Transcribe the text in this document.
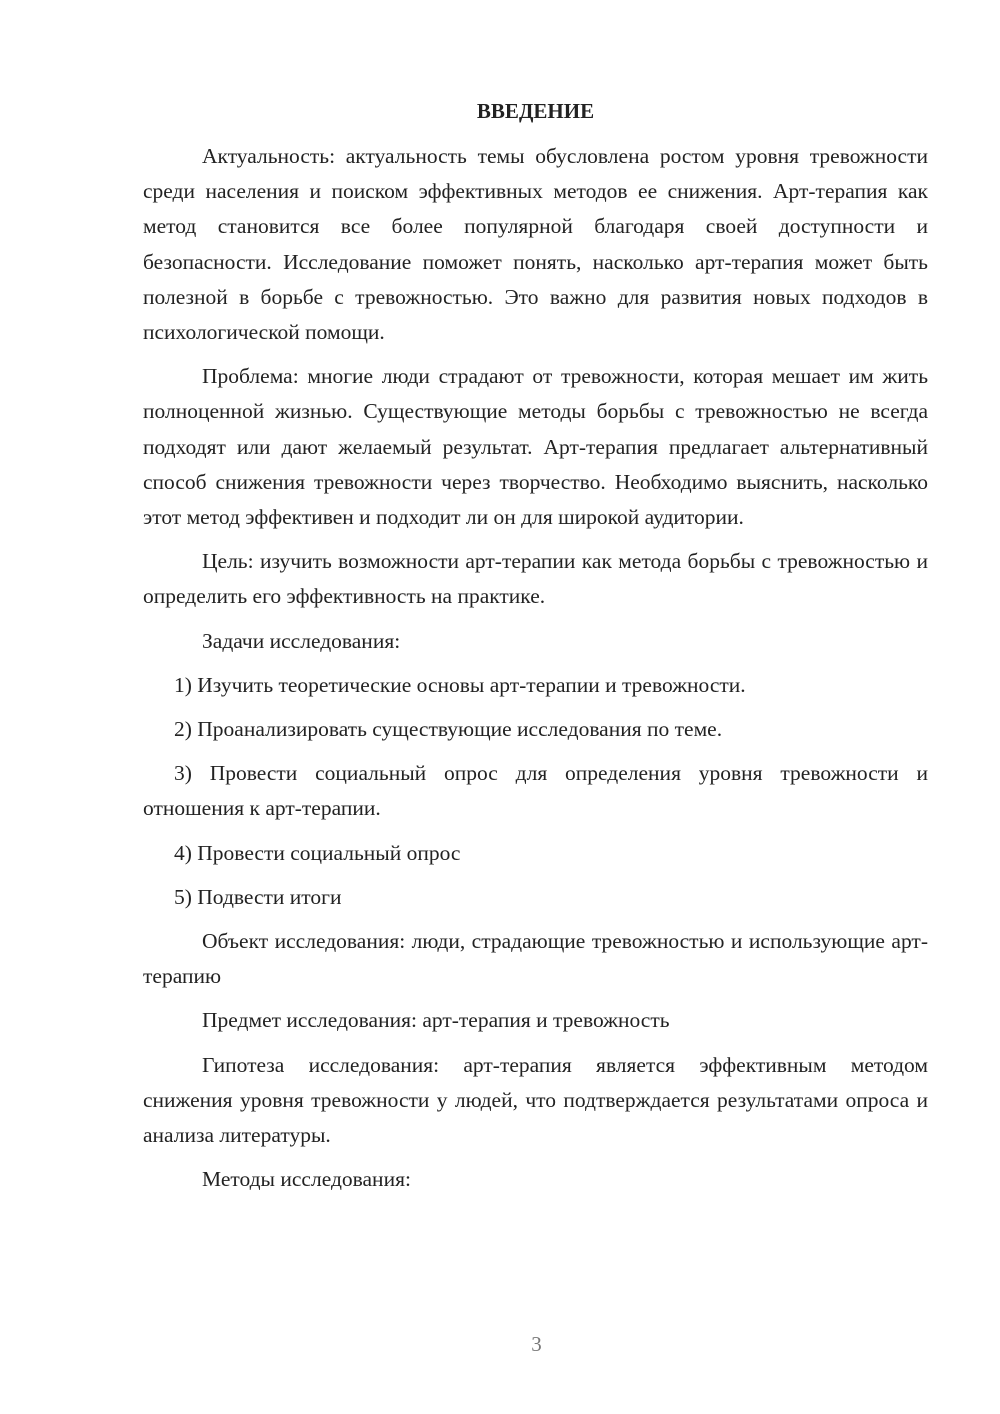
ВВЕДЕНИЕ

Актуальность: актуальность темы обусловлена ростом уровня тревожности среди населения и поиском эффективных методов ее снижения. Арт-терапия как метод становится все более популярной благодаря своей доступности и безопасности. Исследование поможет понять, насколько арт-терапия может быть полезной в борьбе с тревожностью. Это важно для развития новых подходов в психологической помощи.

Проблема: многие люди страдают от тревожности, которая мешает им жить полноценной жизнью. Существующие методы борьбы с тревожностью не всегда подходят или дают желаемый результат. Арт-терапия предлагает альтернативный способ снижения тревожности через творчество. Необходимо выяснить, насколько этот метод эффективен и подходит ли он для широкой аудитории.

Цель: изучить возможности арт-терапии как метода борьбы с тревожностью и определить его эффективность на практике.

Задачи исследования:

1) Изучить теоретические основы арт-терапии и тревожности.

2) Проанализировать существующие исследования по теме.

3) Провести социальный опрос для определения уровня тревожности и отношения к арт-терапии.

4) Провести социальный опрос

5) Подвести итоги

Объект исследования: люди, страдающие тревожностью и использующие арт-терапию

Предмет исследования: арт-терапия и тревожность

Гипотеза исследования: арт-терапия является эффективным методом снижения уровня тревожности у людей, что подтверждается результатами опроса и анализа литературы.

Методы исследования:

3
